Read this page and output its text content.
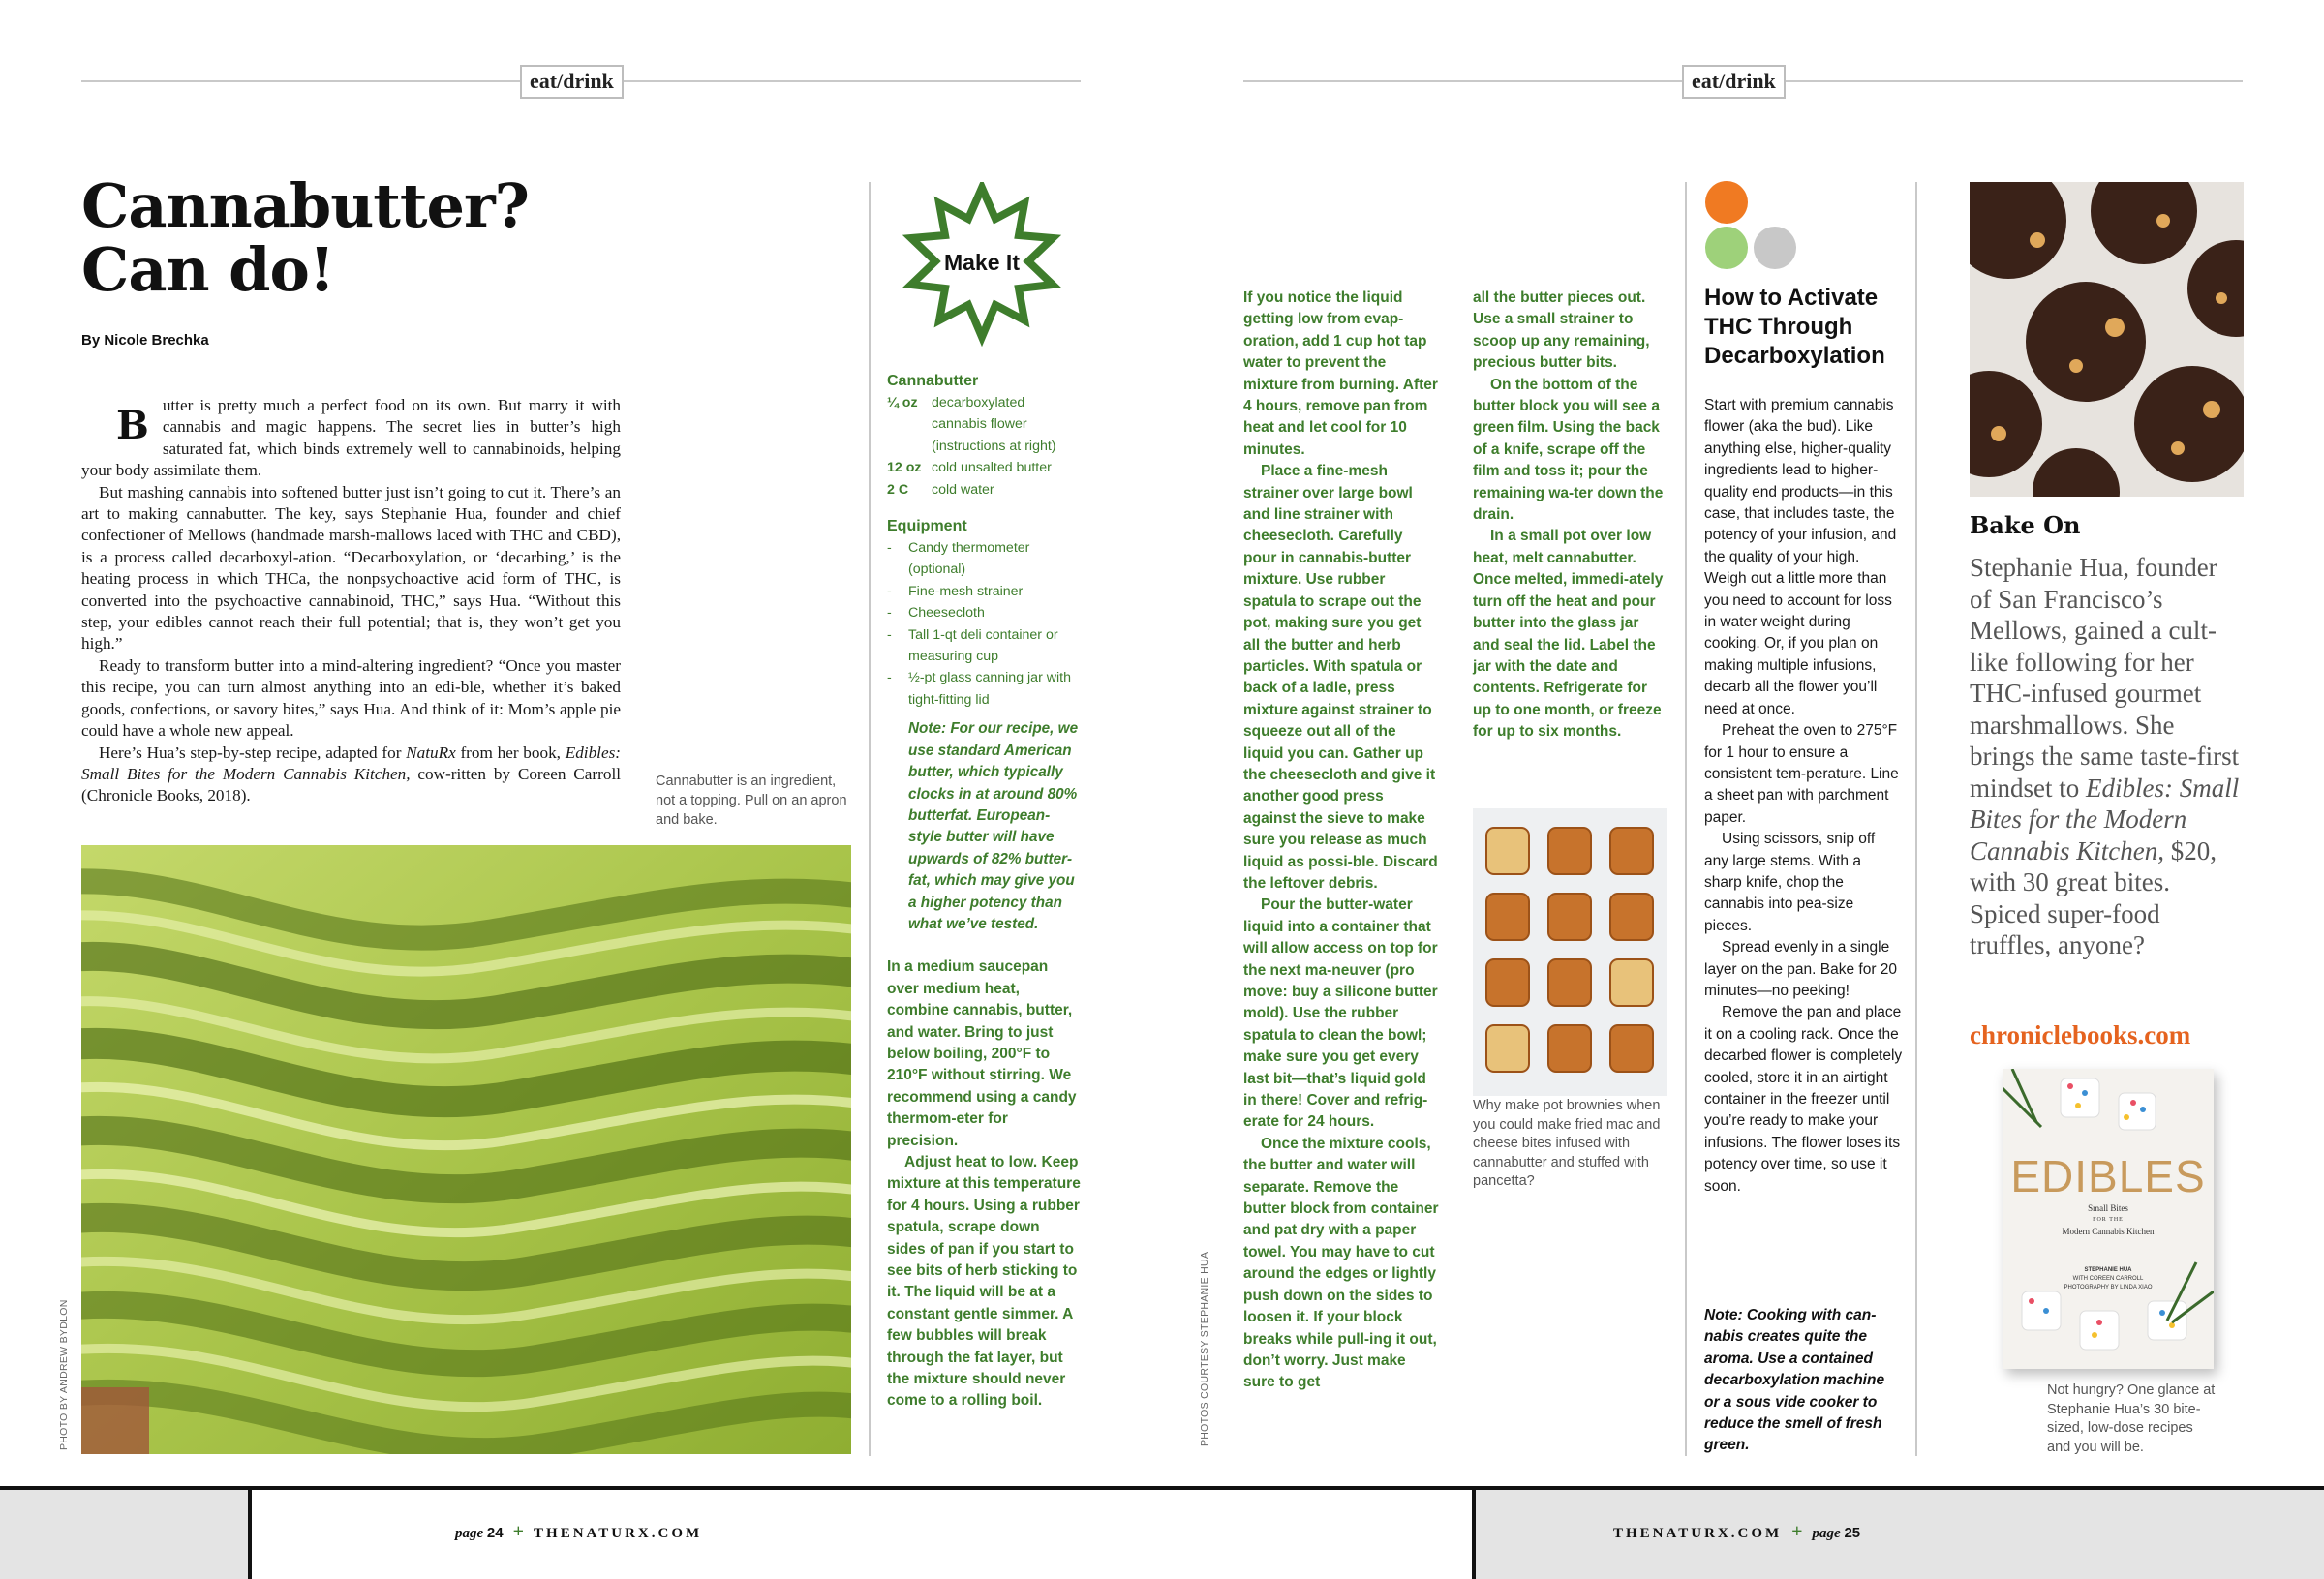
eat/drink	eat/drink
Cannabutter?
Can do!
By Nicole Brechka
B utter is pretty much a perfect food on its own. But marry it with cannabis and magic happens. The secret lies in butter’s high saturated fat, which binds extremely well to cannabinoids, helping your body assimilate them.

But mashing cannabis into softened butter just isn’t going to cut it. There’s an art to making cannabutter. The key, says Stephanie Hua, founder and chief confectioner of Mellows (handmade marsh-mallows laced with THC and CBD), is a process called decarboxyl-ation. “Decarboxylation, or ‘decarbing,’ is the heating process in which THCa, the nonpsychoactive acid form of THC, is converted into the psychoactive cannabinoid, THC,” says Hua. “Without this step, your edibles cannot reach their full potential; that is, they won’t get you high.”

Ready to transform butter into a mind-altering ingredient? “Once you master this recipe, you can turn almost anything into an edi-ble, whether it’s baked goods, confections, or savory bites,” says Hua. And think of it: Mom’s apple pie could have a whole new appeal.

Here’s Hua’s step-by-step recipe, adapted for NatuRx from her book, Edibles: Small Bites for the Modern Cannabis Kitchen, cow-ritten by Coreen Carroll (Chronicle Books, 2018).

Cannabutter is an ingredient, not a topping. Pull on an apron and bake.
PHOTO BY ANDREW BYDLON
Make It
Cannabutter
¼ oz	decarboxylated cannabis flower (instructions at right)
12 oz cold unsalted butter
2 C	cold water
Equipment
- Candy thermometer (optional)
- Fine-mesh strainer
- Cheesecloth
- Tall 1-qt deli container or measuring cup
- ½-pt glass canning jar with tight-fitting lid
Note: For our recipe, we use standard American butter, which typically clocks in at around 80% butterfat. European-style butter will have upwards of 82% butter-fat, which may give you a higher potency than what we’ve tested.

In a medium saucepan over medium heat, combine cannabis, butter, and water. Bring to just below boiling, 200°F to 210°F without stirring. We recommend using a candy thermom-eter for precision.

Adjust heat to low. Keep mixture at this temperature for 4 hours. Using a rubber spatula, scrape down sides of pan if you start to see bits of herb sticking to it. The liquid will be at a constant gentle simmer. A few bubbles will break through the fat layer, but the mixture should never come to a rolling boil.	PHOTOS COURTESY STEPHANIE HUA

If you notice the liquid getting low from evap-oration, add 1 cup hot tap water to prevent the mixture from burning. After 4 hours, remove pan from heat and let cool for 10 minutes.

Place a fine-mesh strainer over large bowl and line strainer with cheesecloth. Carefully pour in cannabis-butter mixture. Use rubber spatula to scrape out the pot, making sure you get all the butter and herb particles. With spatula or back of a ladle, press mixture against strainer to squeeze out all of the liquid you can. Gather up the cheesecloth and give it another good press against the sieve to make sure you release as much liquid as possi-ble. Discard the leftover debris.

Pour the butter-water liquid into a container that will allow access on top for the next ma-neuver (pro move: buy a silicone butter mold). Use the rubber spatula to clean the bowl; make sure you get every last bit—that’s liquid gold in there! Cover and refrig-erate for 24 hours.

Once the mixture cools, the butter and water will separate. Remove the butter block from container and pat dry with a paper towel. You may have to cut around the edges or lightly push down on the sides to loosen it. If your block breaks while pull-ing it out, don’t worry. Just make sure to get

all the butter pieces out. Use a small strainer to scoop up any remaining, precious butter bits.

On the bottom of the butter block you will see a green film. Using the back of a knife, scrape off the film and toss it; pour the remaining wa-ter down the drain.

In a small pot over low heat, melt cannabutter. Once melted, immedi-ately turn off the heat and pour butter into the glass jar and seal the lid. Label the jar with the date and contents. Refrigerate for up to one month, or freeze for up to six months.

Why make pot brownies when you could make fried mac and cheese bites infused with cannabutter and stuffed with pancetta?
How to Activate THC Through Decarboxylation

Start with premium cannabis flower (aka the bud). Like anything else, higher-quality ingredients lead to higher-quality end products—in this case, that includes taste, the potency of your infusion, and the quality of your high. Weigh out a little more than you need to account for loss in water weight during cooking. Or, if you plan on making multiple infusions, decarb all the flower you’ll need at once.

Preheat the oven to 275°F for 1 hour to ensure a consistent tem-perature. Line a sheet pan with parchment paper.

Using scissors, snip off any large stems. With a sharp knife, chop the cannabis into pea-size pieces.

Spread evenly in a single layer on the pan. Bake for 20 minutes—no peeking!

Remove the pan and place it on a cooling rack. Once the decarbed flower is completely cooled, store it in an airtight container in the freezer until you’re ready to make your infusions. The flower loses its potency over time, so use it soon.

Note: Cooking with can-nabis creates quite the aroma. Use a contained decarboxylation machine or a sous vide cooker to reduce the smell of fresh green.
Bake On
Stephanie Hua, founder of San Francisco’s Mellows, gained a cult-like following for her THC-infused gourmet marshmallows. She brings the same taste-first mindset to Edibles: Small Bites for the Modern Cannabis Kitchen, $20, with 30 great bites. Spiced super-food truffles, anyone?
chroniclebooks.com
EDIBLES
Small Bites
FOR THE
Modern Cannabis Kitchen
STEPHANIE HUA
WITH COREEN CARROLL
PHOTOGRAPHY BY LINDA XIAO
Not hungry? One glance at Stephanie Hua’s 30 bite-sized, low-dose recipes and you will be.
page 24 + THENATURX.COM	THENATURX.COM + page 25
